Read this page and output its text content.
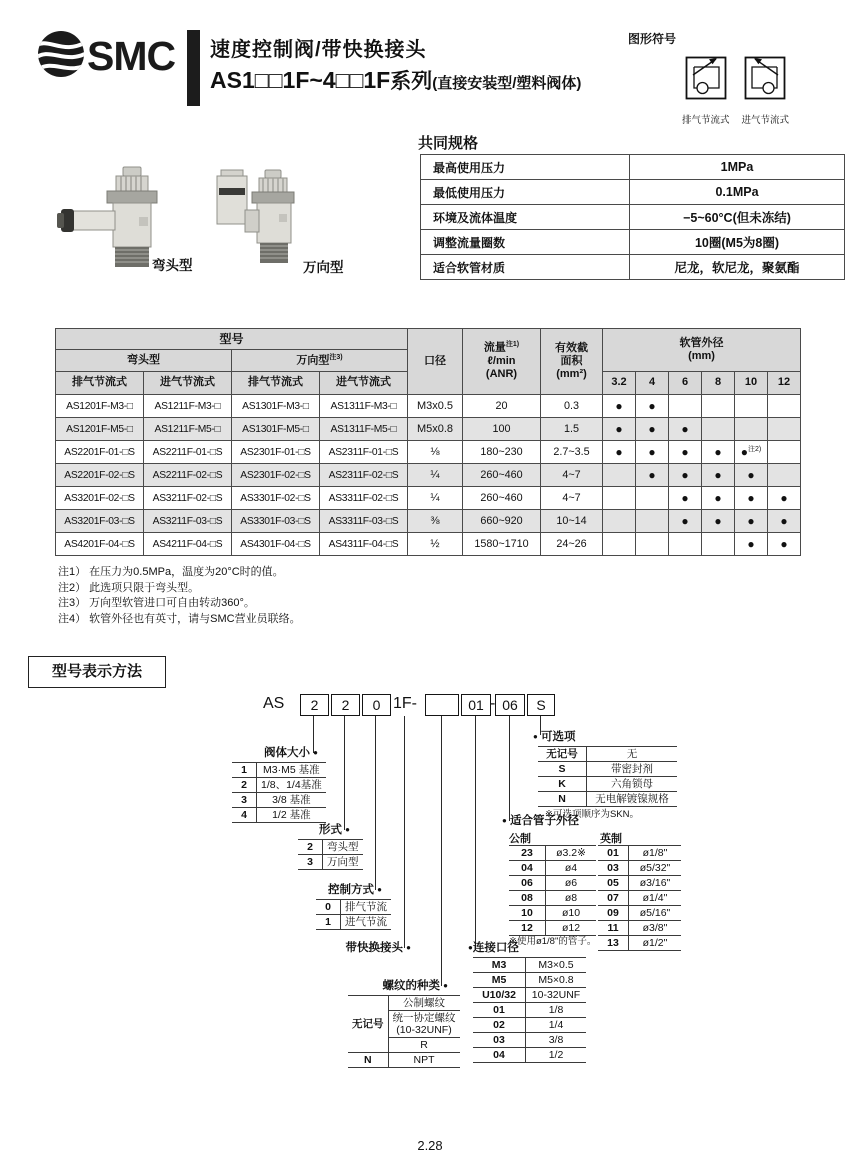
SMC 速度控制阀/带快换接头
AS1□□1F~4□□1F系列(直接安装型/塑料阀体)
图形符号
排气节流式 进气节流式
弯头型	万向型
共同规格
最高使用压力	1MPa
最低使用压力	0.1MPa
环境及流体温度	−5~60°C(但未冻结)
调整流量圈数	10圈(M5为8圈)
适合软管材质	尼龙，软尼龙，聚氨酯
型号				口径	流量$^{注1)}$
ℓ/min
(ANR)	有效截
面积
(mm²)	软管外径
(mm)					
弯头型		万向型$^{注3)}$
排气节流式	进气节流式	排气节流式	进气节流式				3.2	4	6	8	10	12
AS1201F-M3-□	AS1211F-M3-□	AS1301F-M3-□	AS1311F-M3-□	M3x0.5	20	0.3	●	●				
AS1201F-M5-□	AS1211F-M5-□	AS1301F-M5-□	AS1311F-M5-□	M5x0.8	100	1.5	●	●	●			
AS2201F-01-□S	AS2211F-01-□S	AS2301F-01-□S	AS2311F-01-□S	⅛	180~230	2.7~3.5	●	●	●	●	●$^{注2)}$	
AS2201F-02-□S	AS2211F-02-□S	AS2301F-02-□S	AS2311F-02-□S	¼	260~460	4~7		●	●	●	●	
AS3201F-02-□S	AS3211F-02-□S	AS3301F-02-□S	AS3311F-02-□S	¼	260~460	4~7			●	●	●	●
AS3201F-03-□S	AS3211F-03-□S	AS3301F-03-□S	AS3311F-03-□S	⅜	660~920	10~14			●	●	●	●
AS4201F-04-□S	AS4211F-04-□S	AS4301F-04-□S	AS4311F-04-□S	½	1580~1710	24~26					●	●
注1） 在压力为0.5MPa，温度为20°C时的值。
注2） 此选项只限于弯头型。
注3） 万向型软管进口可自由转动360°。
注4） 软管外径也有英寸，请与SMC营业员联络。
型号表示方法
AS	2	2	0 1F-	01 - 06	S
阀体大小 ●
1	M3·M5 基准
2	1/8、1/4基准
3	3/8 基准
4	1/2 基准
形式 ●
2	弯头型
3	万向型
控制方式 ●
0	排气节流
1	进气节流
带快换接头 ●
螺纹的种类 ●
无记号	公制螺纹
	统一协定螺纹
(10-32UNF)
	R
N	NPT
●连接口径
M3	M3×0.5
M5	M5×0.8
U10/32	10-32UNF
01	1/8
02	1/4
03	3/8
04	1/2
● 适合管子外径
公制
23	ø3.2※
04	ø4
06	ø6
08	ø8
10	ø10
12	ø12
※使用ø1/8"的管子。
英制
01	ø1/8"
03	ø5/32"
05	ø3/16"
07	ø1/4"
09	ø5/16"
11	ø3/8"
13	ø1/2"
● 可选项
无记号	无
S	带密封剂
K	六角锁母
N	无电解镀镍规格
※可选项顺序为SKN。
2.28
